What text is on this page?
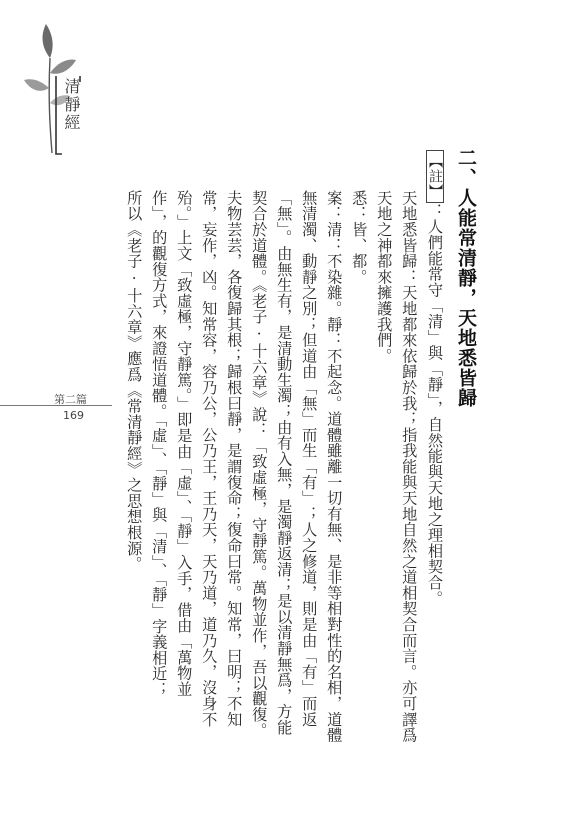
清靜經
第二篇
169
二、人能常清靜，天地悉皆歸
【註】：人們能常守「清」與「靜」，自然能與天地之理相契合。
天地悉皆歸：天地都來依歸於我；指我能與天地自然之道相契合而言。亦可譯爲
天地之神都來擁護我們。
悉：皆、都。
案：清：不染雜。靜：不起念。道體雖離一切有無、是非等相對性的名相，道體
無清濁、動靜之別；但道由「無」而生「有」；人之修道，則是由「有」而返
「無」。由無生有，是清動生濁；由有入無，是濁靜返清；是以清靜無爲，方能
契合於道體。《老子·十六章》說：「致虛極，守靜篤。萬物並作，吾以觀復。
夫物芸芸，各復歸其根；歸根曰靜，是謂復命；復命曰常。知常，曰明；不知
常，妄作，凶。知常容，容乃公，公乃王，王乃天，天乃道，道乃久，沒身不
殆。」上文「致虛極，守靜篤。」即是由「虛」、「靜」入手，借由「萬物並
作」，的觀復方式，來證悟道體。「虛」、「靜」與「清」、「靜」字義相近；
所以《老子·十六章》應爲《常清靜經》之思想根源。
